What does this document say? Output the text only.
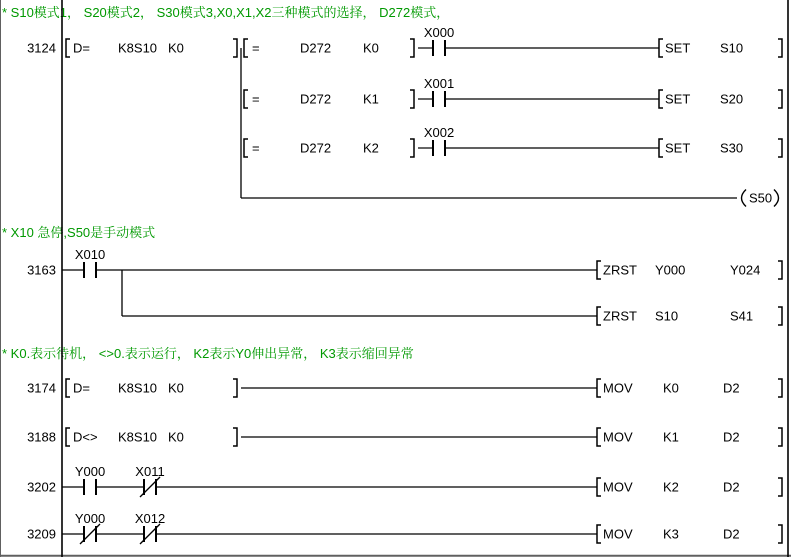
* S10模式1， S20模式2， S30模式3,X0,X1,X2三种模式的选择， D272模式，
* X10 急停,S50是手动模式
* K0.表示待机， <>0.表示运行， K2表示Y0伸出异常， K3表示缩回异常
3124
3163
3174
3188
3202
3209
X000
X001
X002
X010
Y000 X011
Y000 X012
D= K8S10 K0	=	D272 K0	SET S10
=	D272 K1	SET S20
=	D272 K2	SET S30
ZRST Y000	Y024
ZRST S10	S41
D= K8S10 K0	MOV K0	D2
D<> K8S10 K0	MOV K1	D2
MOV K2	D2
MOV K3	D2
S50
